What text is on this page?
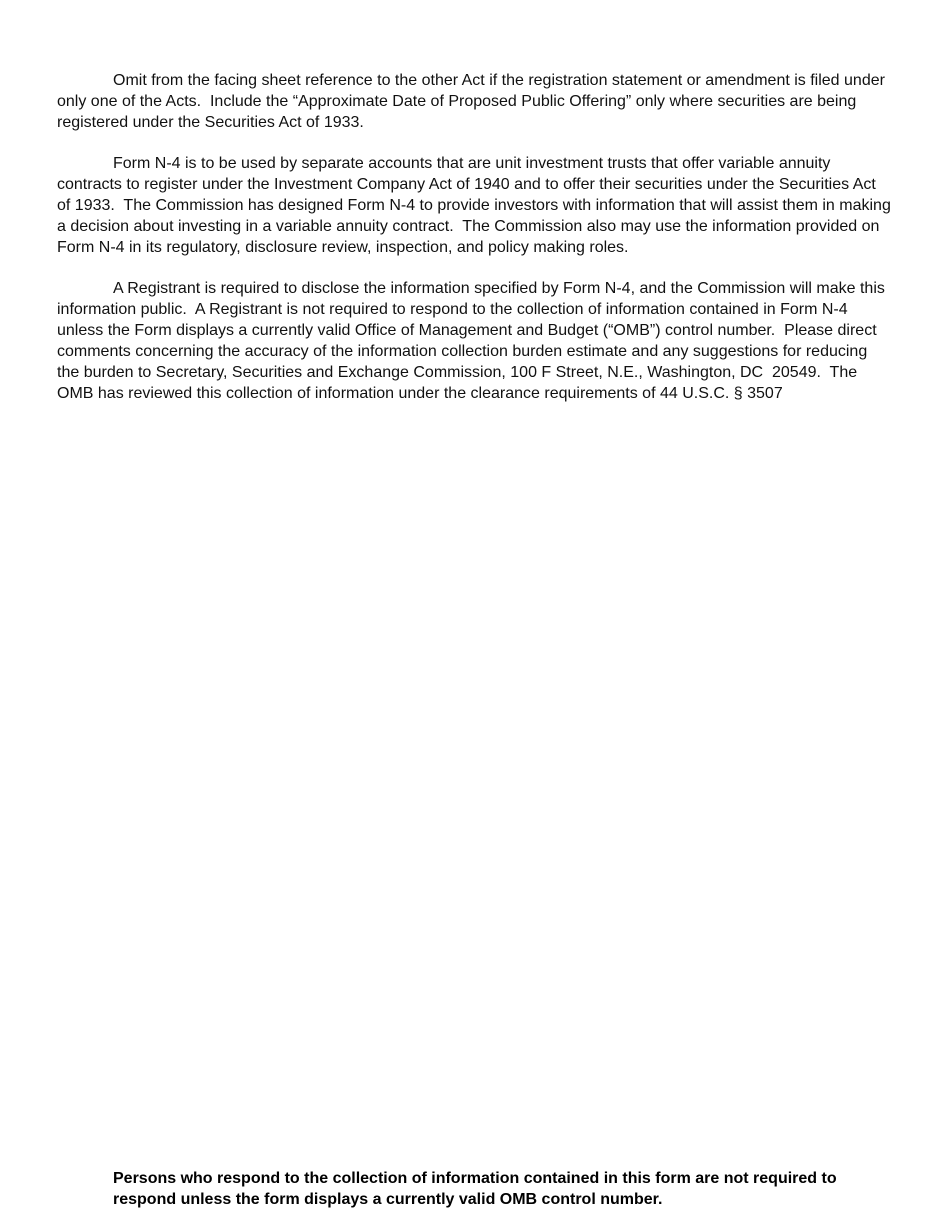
Omit from the facing sheet reference to the other Act if the registration statement or amendment is filed under only one of the Acts.  Include the “Approximate Date of Proposed Public Offering” only where securities are being registered under the Securities Act of 1933.

Form N-4 is to be used by separate accounts that are unit investment trusts that offer variable annuity contracts to register under the Investment Company Act of 1940 and to offer their securities under the Securities Act of 1933.  The Commission has designed Form N-4 to provide investors with information that will assist them in making a decision about investing in a variable annuity contract.  The Commission also may use the information provided on Form N-4 in its regulatory, disclosure review, inspection, and policy making roles.

A Registrant is required to disclose the information specified by Form N-4, and the Commission will make this information public.  A Registrant is not required to respond to the collection of information contained in Form N-4 unless the Form displays a currently valid Office of Management and Budget (“OMB”) control number.  Please direct comments concerning the accuracy of the information collection burden estimate and any suggestions for reducing the burden to Secretary, Securities and Exchange Commission, 100 F Street, N.E., Washington, DC  20549.  The OMB has reviewed this collection of information under the clearance requirements of 44 U.S.C. § 3507

Persons who respond to the collection of information contained in this form are not required to respond unless the form displays a currently valid OMB control number.
